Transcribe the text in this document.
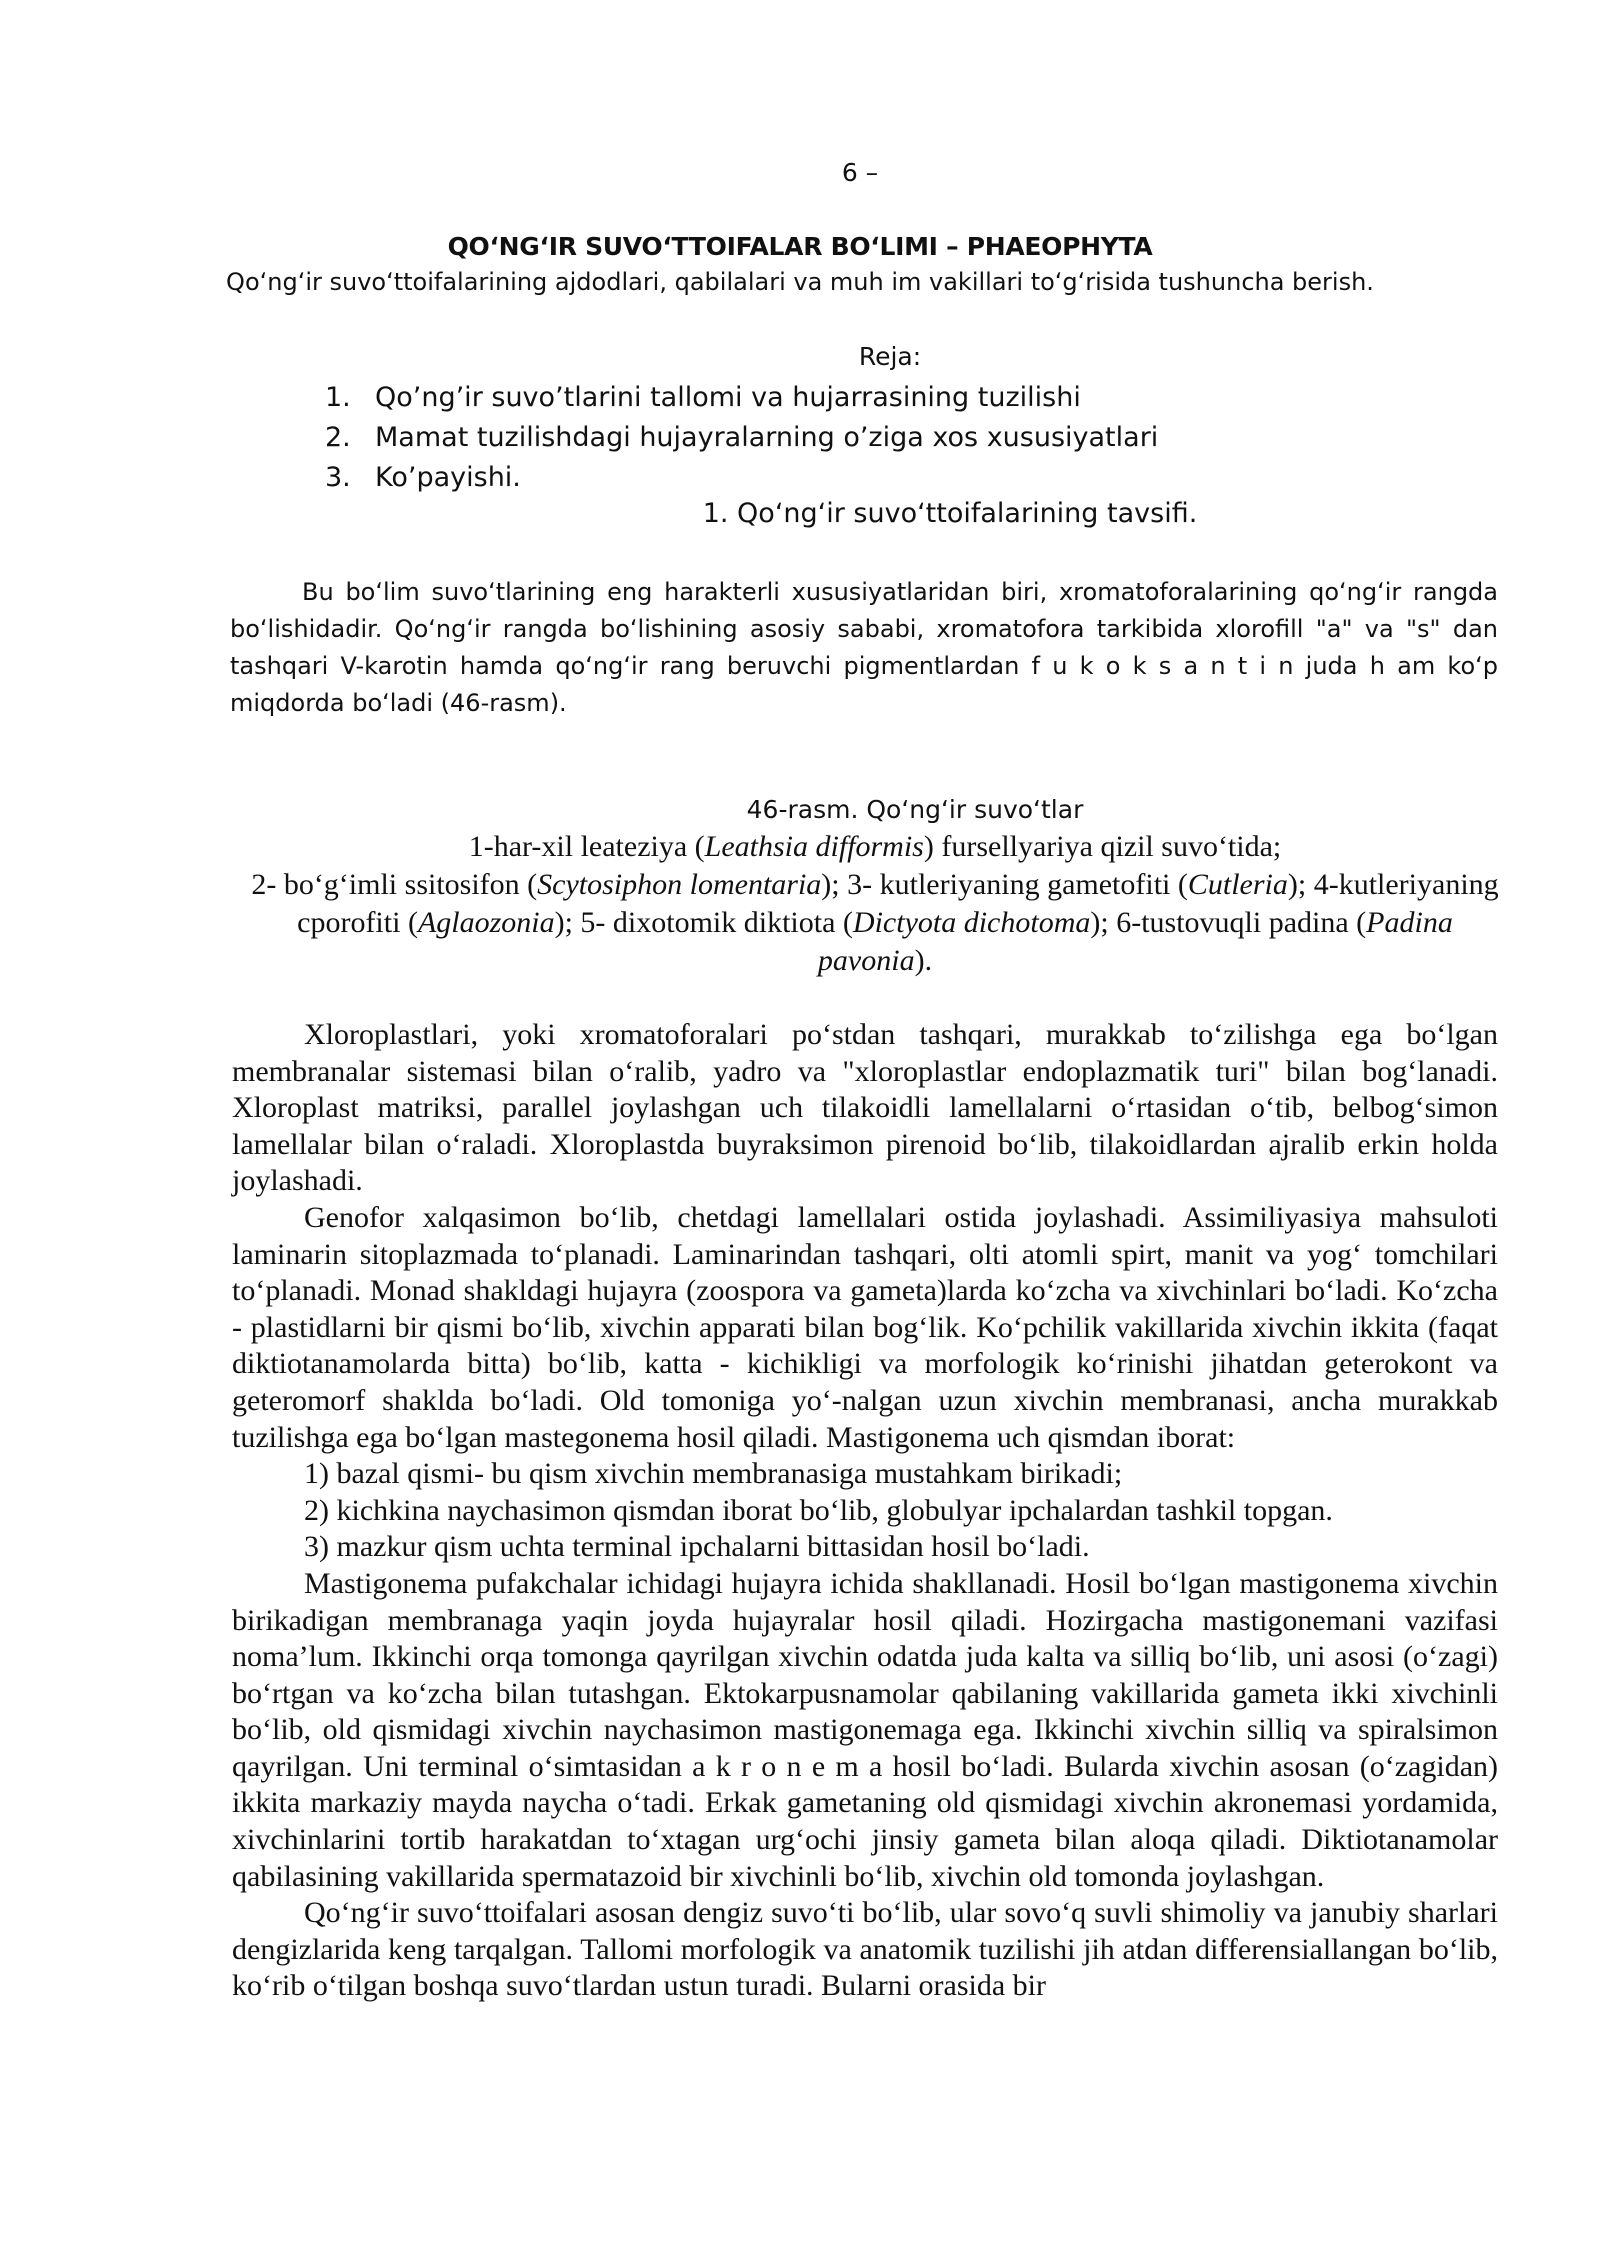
6 –
QOʻNGʻIR SUVOʻTTOIFALAR BOʻLIMI – PHAEOPHYTA
Qoʻngʻir suvoʻttoifalarining ajdodlari, qabilalari va muh im vakillari toʻgʻrisida tushuncha berish.
Reja:
1. Qo’ng’ir suvo’tlarini tallomi va hujarrasining tuzilishi
2. Mamat tuzilishdagi hujayralarning o’ziga xos xususiyatlari
3. Ko’payishi.
1. Qoʻngʻir suvoʻttoifalarining tavsifi.

Bu boʻlim suvoʻtlarining eng harakterli xususiyatlaridan biri, xromatoforalarining qoʻngʻir rangda boʻlishidadir. Qoʻngʻir rangda boʻlishining asosiy sababi, xromatofora tarkibida xlorofill "a" va "s" dan tashqari V-karotin hamda qoʻngʻir rang beruvchi pigmentlardan f u k o k s a n t i n juda h am koʻp miqdorda boʻladi (46-rasm).

46-rasm. Qoʻngʻir suvoʻtlar

1-har-xil leateziya (Leathsia difformis) fursellyariya qizil suvoʻtida;
2- boʻgʻimli ssitosifon (Scytosiphon lomentaria); 3- kutleriyaning gametofiti (Cutleria); 4-kutleriyaning cporofiti (Aglaozonia); 5- dixotomik diktiota (Dictyota dichotoma); 6-tustovuqli padina (Padina pavonia).

Xloroplastlari, yoki xromatoforalari poʻstdan tashqari, murakkab toʻzilishga ega boʻlgan membranalar sistemasi bilan oʻralib, yadro va "xloroplastlar endoplazmatik turi" bilan bogʻlanadi. Xloroplast matriksi, parallel joylashgan uch tilakoidli lamellalarni oʻrtasidan oʻtib, belbogʻsimon lamellalar bilan oʻraladi. Xloroplastda buyraksimon pirenoid boʻlib, tilakoidlardan ajralib erkin holda joylashadi.

Genofor xalqasimon boʻlib, chetdagi lamellalari ostida joylashadi. Assimiliyasiya mahsuloti laminarin sitoplazmada toʻplanadi. Laminarindan tashqari, olti atomli spirt, manit va yogʻ tomchilari toʻplanadi. Monad shakldagi hujayra (zoospora va gameta)larda koʻzcha va xivchinlari boʻladi. Koʻzcha - plastidlarni bir qismi boʻlib, xivchin apparati bilan bogʻlik. Koʻpchilik vakillarida xivchin ikkita (faqat diktiotanamolarda bitta) boʻlib, katta - kichikligi va morfologik koʻrinishi jihatdan geterokont va geteromorf shaklda boʻladi. Old tomoniga yoʻ-nalgan uzun xivchin membranasi, ancha murakkab tuzilishga ega boʻlgan mastegonema hosil qiladi. Mastigonema uch qismdan iborat:

1) bazal qismi- bu qism xivchin membranasiga mustahkam birikadi;

2) kichkina naychasimon qismdan iborat boʻlib, globulyar ipchalardan tashkil topgan.

3) mazkur qism uchta terminal ipchalarni bittasidan hosil boʻladi.

Mastigonema pufakchalar ichidagi hujayra ichida shakllanadi. Hosil boʻlgan mastigonema xivchin birikadigan membranaga yaqin joyda hujayralar hosil qiladi. Hozirgacha mastigonemani vazifasi noma’lum. Ikkinchi orqa tomonga qayrilgan xivchin odatda juda kalta va silliq boʻlib, uni asosi (oʻzagi) boʻrtgan va koʻzcha bilan tutashgan. Ektokarpusnamolar qabilaning vakillarida gameta ikki xivchinli boʻlib, old qismidagi xivchin naychasimon mastigonemaga ega. Ikkinchi xivchin silliq va spiralsimon qayrilgan. Uni terminal oʻsimtasidan a k r o n e m a hosil boʻladi. Bularda xivchin asosan (oʻzagidan) ikkita markaziy mayda naycha oʻtadi. Erkak gametaning old qismidagi xivchin akronemasi yordamida, xivchinlarini tortib harakatdan toʻxtagan urgʻochi jinsiy gameta bilan aloqa qiladi. Diktiotanamolar qabilasining vakillarida spermatazoid bir xivchinli boʻlib, xivchin old tomonda joylashgan.

Qoʻngʻir suvoʻttoifalari asosan dengiz suvoʻti boʻlib, ular sovoʻq suvli shimoliy va janubiy sharlari dengizlarida keng tarqalgan. Tallomi morfologik va anatomik tuzilishi jih atdan differensiallangan boʻlib, koʻrib oʻtilgan boshqa suvoʻtlardan ustun turadi. Bularni orasida bir
